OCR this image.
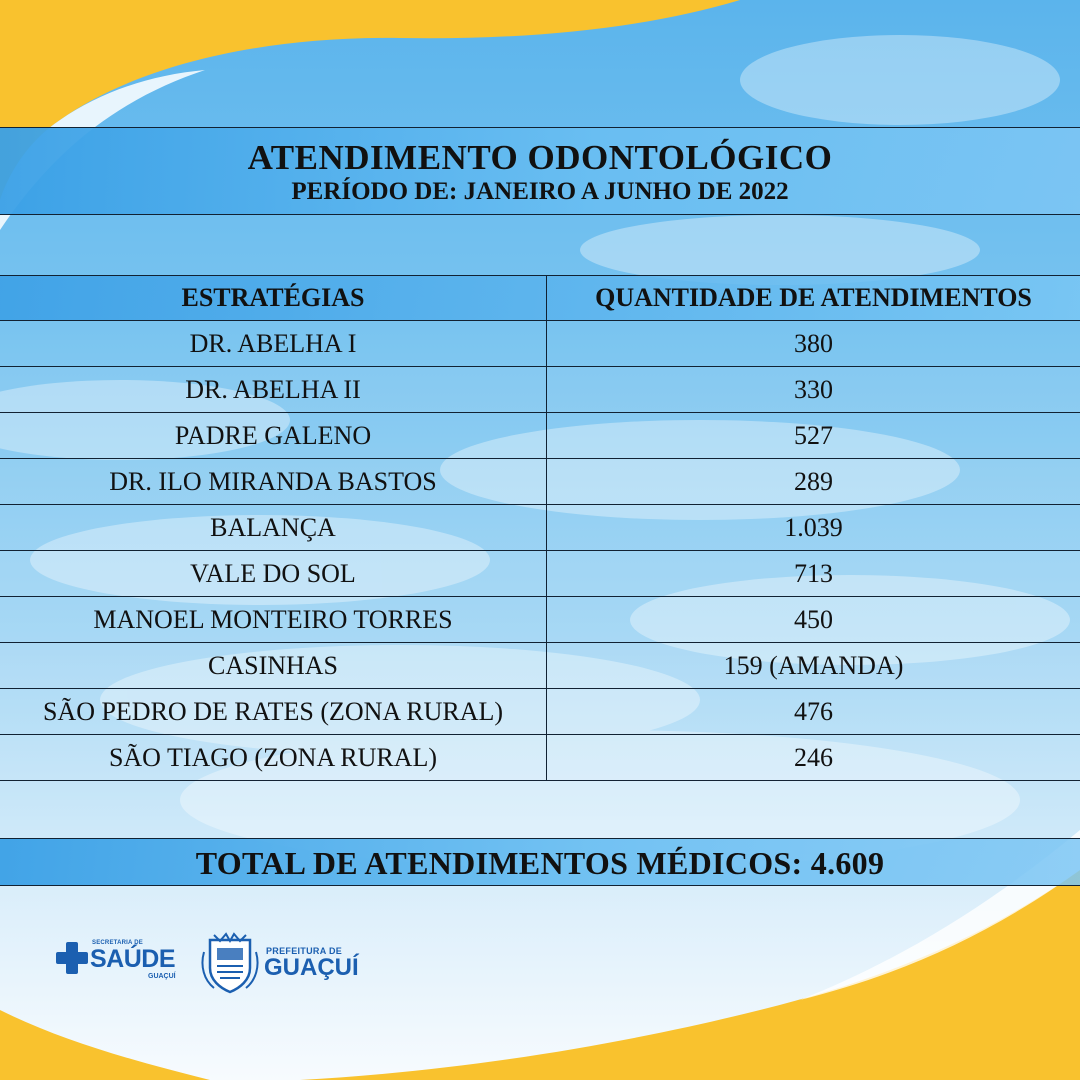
ATENDIMENTO ODONTOLÓGICO
PERÍODO DE: JANEIRO A JUNHO DE 2022
ESTRATÉGIAS	QUANTIDADE DE ATENDIMENTOS
DR. ABELHA I	380
DR. ABELHA II	330
PADRE GALENO	527
DR. ILO MIRANDA BASTOS	289
BALANÇA	1.039
VALE DO SOL	713
MANOEL MONTEIRO TORRES	450
CASINHAS	159 (AMANDA)
SÃO PEDRO DE RATES (ZONA RURAL)	476
SÃO TIAGO (ZONA RURAL)	246
TOTAL DE ATENDIMENTOS MÉDICOS: 4.609
SECRETARIA DE
SAÚDE
GUAÇUÍ
PREFEITURA DE
GUAÇUÍ
